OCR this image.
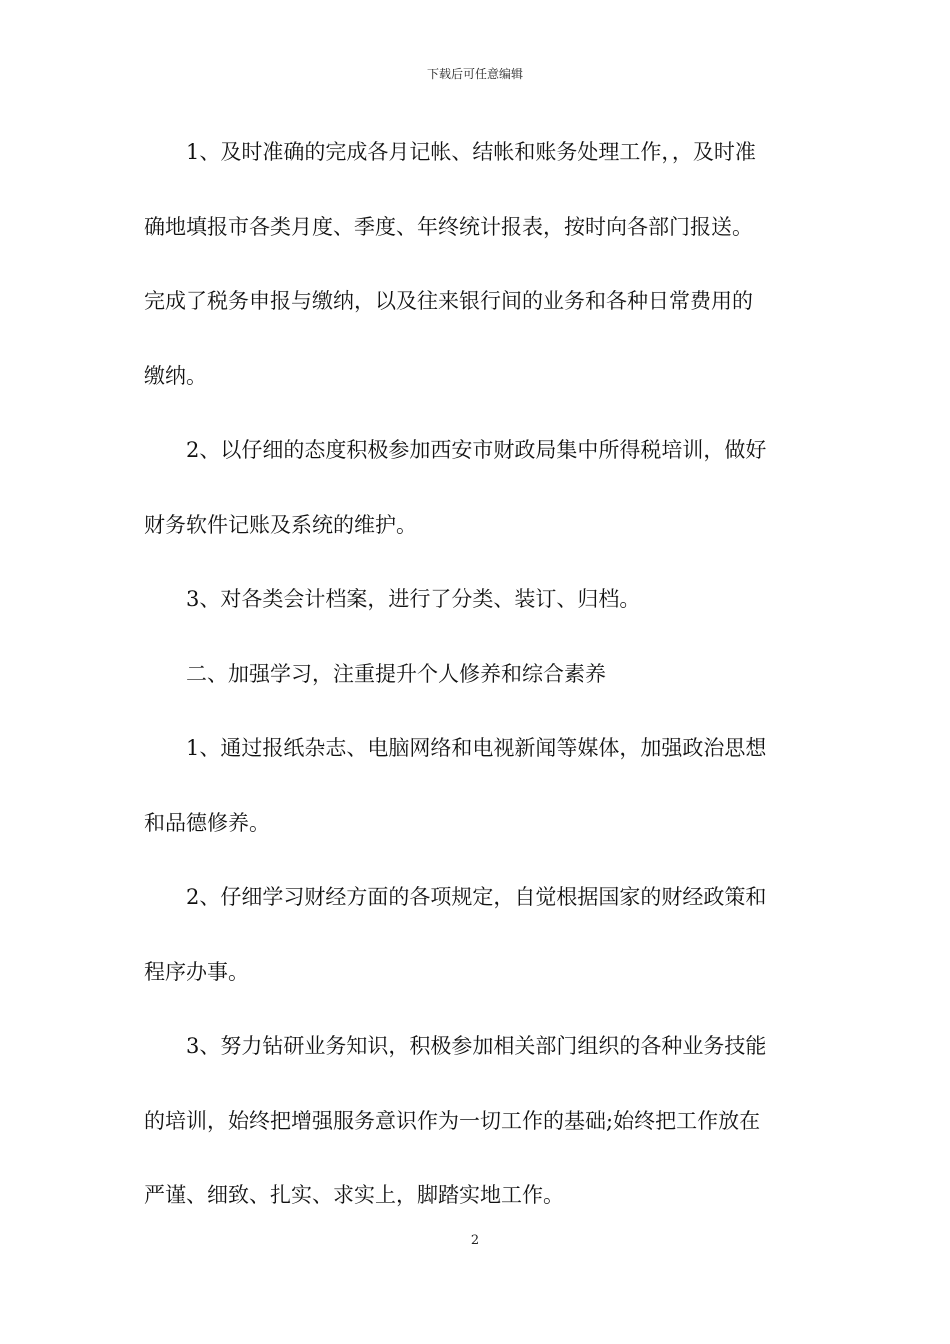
下载后可任意编辑
1、及时准确的完成各月记帐、结帐和账务处理工作，，及时准
确地填报市各类月度、季度、年终统计报表，按时向各部门报送。
完成了税务申报与缴纳，以及往来银行间的业务和各种日常费用的
缴纳。
2、以仔细的态度积极参加西安市财政局集中所得税培训，做好
财务软件记账及系统的维护。
3、对各类会计档案，进行了分类、装订、归档。
二、加强学习，注重提升个人修养和综合素养
1、通过报纸杂志、电脑网络和电视新闻等媒体，加强政治思想
和品德修养。
2、仔细学习财经方面的各项规定，自觉根据国家的财经政策和
程序办事。
3、努力钻研业务知识，积极参加相关部门组织的各种业务技能
的培训，始终把增强服务意识作为一切工作的基础;始终把工作放在
严谨、细致、扎实、求实上，脚踏实地工作。
2
